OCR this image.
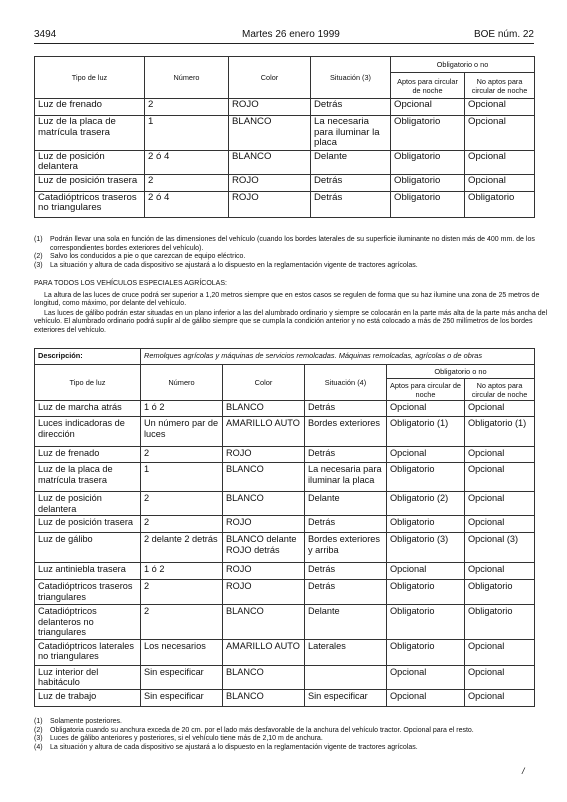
3494	Martes 26 enero 1999	BOE núm. 22
Tipo de luz	Número	Color	Situación (3)	Obligatorio o no	
				Aptos para circular de noche	No aptos para circular de noche
Luz de frenado	2	ROJO	Detrás	Opcional	Opcional
Luz de la placa de matrícula trasera	1	BLANCO	La necesaria para iluminar la placa	Obligatorio	Opcional
Luz de posición delantera	2 ó 4	BLANCO	Delante	Obligatorio	Opcional
Luz de posición trasera	2	ROJO	Detrás	Obligatorio	Opcional
Catadióptricos traseros no triangulares	2 ó 4	ROJO	Detrás	Obligatorio	Obligatorio
(1) Podrán llevar una sola en función de las dimensiones del vehículo (cuando los bordes laterales de su superficie iluminante no disten más de 400 mm. de los correspondientes bordes exteriores del vehículo).
(2) Salvo los conducidos a pie o que carezcan de equipo eléctrico.
(3) La situación y altura de cada dispositivo se ajustará a lo dispuesto en la reglamentación vigente de tractores agrícolas.

PARA TODOS LOS VEHÍCULOS ESPECIALES AGRÍCOLAS:

La altura de las luces de cruce podrá ser superior a 1,20 metros siempre que en estos casos se regulen de forma que su haz ilumine una zona de 25 metros de longitud, como máximo, por delante del vehículo.

Las luces de gálibo podrán estar situadas en un plano inferior a las del alumbrado ordinario y siempre se colocarán en la parte más alta de la parte más ancha del vehículo. El alumbrado ordinario podrá suplir al de gálibo siempre que se cumpla la condición anterior y no está colocado a más de 250 milímetros de los bordes exteriores del vehículo.

Descripción:	Remolques agrícolas y máquinas de servicios remolcadas. Máquinas remolcadas, agrícolas o de obras				
Tipo de luz	Número	Color	Situación (4)	Obligatorio o no	
				Aptos para circular de noche	No aptos para circular de noche
Luz de marcha atrás	1 ó 2	BLANCO	Detrás	Opcional	Opcional
Luces indicadoras de dirección	Un número par de luces	AMARILLO AUTO	Bordes exteriores	Obligatorio (1)	Obligatorio (1)
Luz de frenado	2	ROJO	Detrás	Opcional	Opcional
Luz de la placa de matrícula trasera	1	BLANCO	La necesaria para iluminar la placa	Obligatorio	Opcional
Luz de posición delantera	2	BLANCO	Delante	Obligatorio (2)	Opcional
Luz de posición trasera	2	ROJO	Detrás	Obligatorio	Opcional
Luz de gálibo	2 delante 2 detrás	BLANCO delante ROJO detrás	Bordes exteriores y arriba	Obligatorio (3)	Opcional (3)
Luz antiniebla trasera	1 ó 2	ROJO	Detrás	Opcional	Opcional
Catadióptricos traseros triangulares	2	ROJO	Detrás	Obligatorio	Obligatorio
Catadióptricos delanteros no triangulares	2	BLANCO	Delante	Obligatorio	Obligatorio
Catadióptricos laterales no triangulares	Los necesarios	AMARILLO AUTO	Laterales	Obligatorio	Opcional
Luz interior del habitáculo	Sin especificar	BLANCO		Opcional	Opcional
Luz de trabajo	Sin especificar	BLANCO	Sin especificar	Opcional	Opcional
(1) Solamente posteriores.
(2) Obligatoria cuando su anchura exceda de 20 cm. por el lado más desfavorable de la anchura del vehículo tractor. Opcional para el resto.
(3) Luces de gálibo anteriores y posteriores, si el vehículo tiene más de 2,10 m de anchura.
(4) La situación y altura de cada dispositivo se ajustará a lo dispuesto en la reglamentación vigente de tractores agrícolas.
/
